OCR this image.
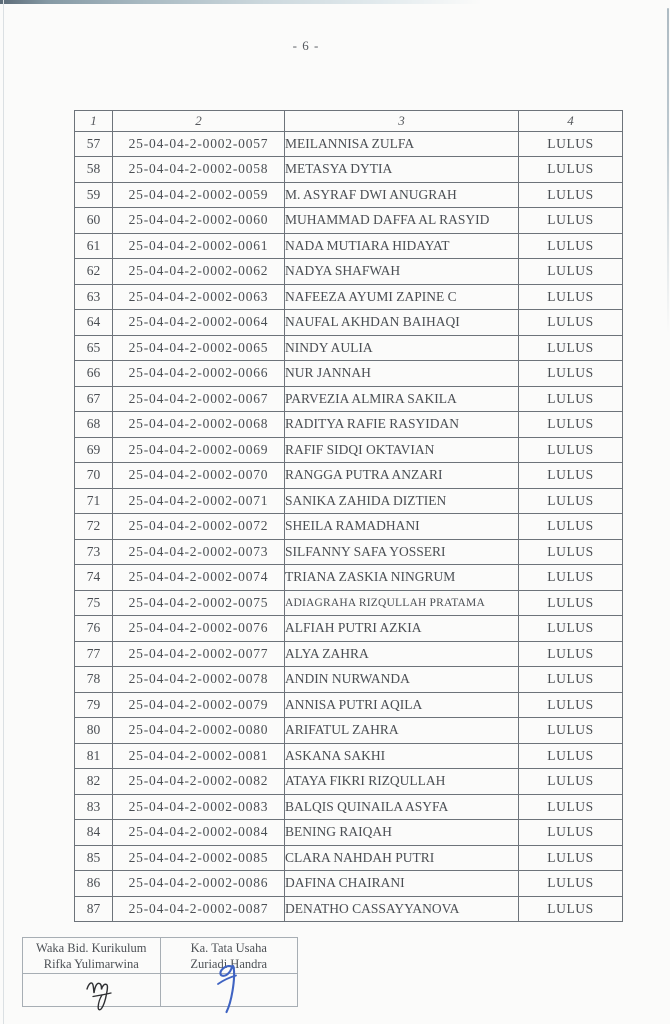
- 6 -
1	2	3	4
57	25-04-04-2-0002-0057	MEILANNISA ZULFA	LULUS
58	25-04-04-2-0002-0058	METASYA DYTIA	LULUS
59	25-04-04-2-0002-0059	M. ASYRAF DWI ANUGRAH	LULUS
60	25-04-04-2-0002-0060	MUHAMMAD DAFFA AL RASYID	LULUS
61	25-04-04-2-0002-0061	NADA MUTIARA HIDAYAT	LULUS
62	25-04-04-2-0002-0062	NADYA SHAFWAH	LULUS
63	25-04-04-2-0002-0063	NAFEEZA AYUMI ZAPINE C	LULUS
64	25-04-04-2-0002-0064	NAUFAL AKHDAN BAIHAQI	LULUS
65	25-04-04-2-0002-0065	NINDY AULIA	LULUS
66	25-04-04-2-0002-0066	NUR JANNAH	LULUS
67	25-04-04-2-0002-0067	PARVEZIA ALMIRA SAKILA	LULUS
68	25-04-04-2-0002-0068	RADITYA RAFIE RASYIDAN	LULUS
69	25-04-04-2-0002-0069	RAFIF SIDQI OKTAVIAN	LULUS
70	25-04-04-2-0002-0070	RANGGA PUTRA ANZARI	LULUS
71	25-04-04-2-0002-0071	SANIKA ZAHIDA DIZTIEN	LULUS
72	25-04-04-2-0002-0072	SHEILA RAMADHANI	LULUS
73	25-04-04-2-0002-0073	SILFANNY SAFA YOSSERI	LULUS
74	25-04-04-2-0002-0074	TRIANA ZASKIA NINGRUM	LULUS
75	25-04-04-2-0002-0075	ADIAGRAHA RIZQULLAH PRATAMA	LULUS
76	25-04-04-2-0002-0076	ALFIAH PUTRI AZKIA	LULUS
77	25-04-04-2-0002-0077	ALYA ZAHRA	LULUS
78	25-04-04-2-0002-0078	ANDIN NURWANDA	LULUS
79	25-04-04-2-0002-0079	ANNISA PUTRI AQILA	LULUS
80	25-04-04-2-0002-0080	ARIFATUL ZAHRA	LULUS
81	25-04-04-2-0002-0081	ASKANA SAKHI	LULUS
82	25-04-04-2-0002-0082	ATAYA FIKRI RIZQULLAH	LULUS
83	25-04-04-2-0002-0083	BALQIS QUINAILA ASYFA	LULUS
84	25-04-04-2-0002-0084	BENING RAIQAH	LULUS
85	25-04-04-2-0002-0085	CLARA NAHDAH PUTRI	LULUS
86	25-04-04-2-0002-0086	DAFINA CHAIRANI	LULUS
87	25-04-04-2-0002-0087	DENATHO CASSAYYANOVA	LULUS
Waka Bid. Kurikulum
Rifka Yulimarwina
Ka. Tata Usaha
Zuriadi Handra
